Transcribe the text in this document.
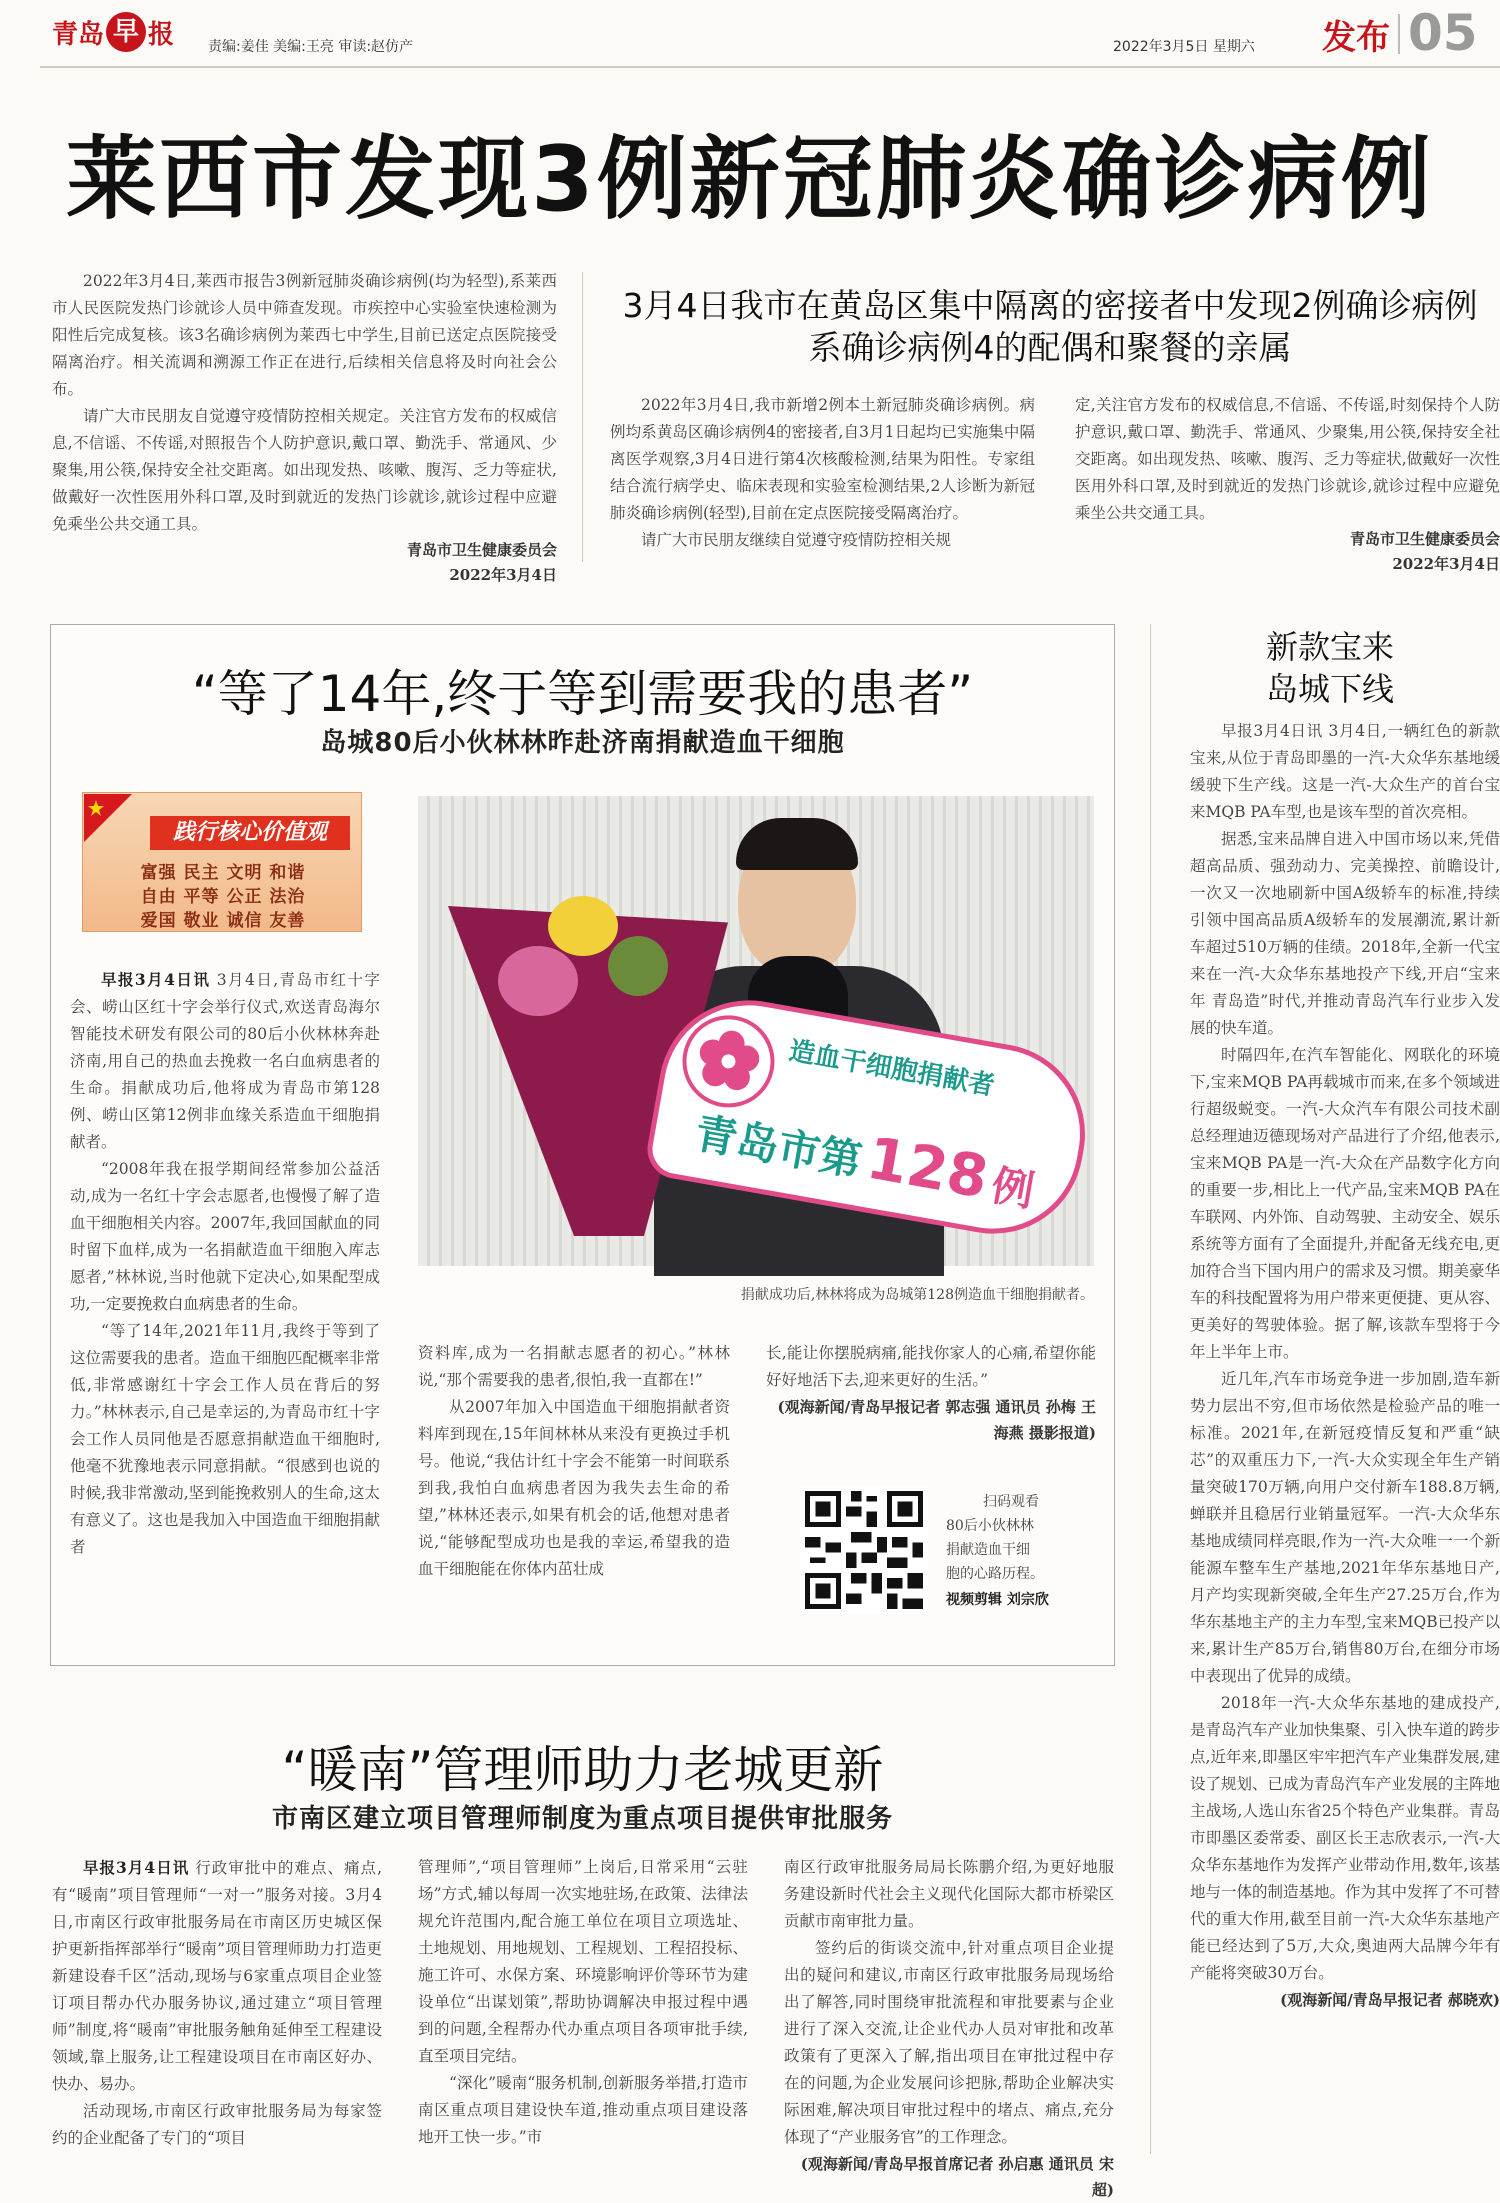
青岛 早 报 责编:姜佳 美编:王亮 审读:赵仿产	2022年3月5日 星期六 发布 05
莱西市发现3例新冠肺炎确诊病例

2022年3月4日,莱西市报告3例新冠肺炎确诊病例(均为轻型),系莱西市人民医院发热门诊就诊人员中筛查发现。市疾控中心实验室快速检测为阳性后完成复核。该3名确诊病例为莱西七中学生,目前已送定点医院接受隔离治疗。相关流调和溯源工作正在进行,后续相关信息将及时向社会公布。

请广大市民朋友自觉遵守疫情防控相关规定。关注官方发布的权威信息,不信谣、不传谣,对照报告个人防护意识,戴口罩、勤洗手、常通风、少聚集,用公筷,保持安全社交距离。如出现发热、咳嗽、腹泻、乏力等症状,做戴好一次性医用外科口罩,及时到就近的发热门诊就诊,就诊过程中应避免乘坐公共交通工具。

青岛市卫生健康委员会
2022年3月4日
3月4日我市在黄岛区集中隔离的密接者中发现2例确诊病例
系确诊病例4的配偶和聚餐的亲属

2022年3月4日,我市新增2例本土新冠肺炎确诊病例。病例均系黄岛区确诊病例4的密接者,自3月1日起均已实施集中隔离医学观察,3月4日进行第4次核酸检测,结果为阳性。专家组结合流行病学史、临床表现和实验室检测结果,2人诊断为新冠肺炎确诊病例(轻型),目前在定点医院接受隔离治疗。

请广大市民朋友继续自觉遵守疫情防控相关规

定,关注官方发布的权威信息,不信谣、不传谣,时刻保持个人防护意识,戴口罩、勤洗手、常通风、少聚集,用公筷,保持安全社交距离。如出现发热、咳嗽、腹泻、乏力等症状,做戴好一次性医用外科口罩,及时到就近的发热门诊就诊,就诊过程中应避免乘坐公共交通工具。

青岛市卫生健康委员会
2022年3月4日
“等了14年,终于等到需要我的患者”
岛城80后小伙林林昨赴济南捐献造血干细胞
践行核心价值观
富强 民主 文明 和谐
自由 平等 公正 法治
爱国 敬业 诚信 友善

早报3月4日讯 3月4日,青岛市红十字会、崂山区红十字会举行仪式,欢送青岛海尔智能技术研发有限公司的80后小伙林林奔赴济南,用自己的热血去挽救一名白血病患者的生命。捐献成功后,他将成为青岛市第128例、崂山区第12例非血缘关系造血干细胞捐献者。

“2008年我在报学期间经常参加公益活动,成为一名红十字会志愿者,也慢慢了解了造血干细胞相关内容。2007年,我回国献血的同时留下血样,成为一名捐献造血干细胞入库志愿者,”林林说,当时他就下定决心,如果配型成功,一定要挽救白血病患者的生命。

“等了14年,2021年11月,我终于等到了这位需要我的患者。造血干细胞匹配概率非常低,非常感谢红十字会工作人员在背后的努力。”林林表示,自己是幸运的,为青岛市红十字会工作人员同他是否愿意捐献造血干细胞时,他毫不犹豫地表示同意捐献。“很感到也说的时候,我非常激动,坚到能挽救别人的生命,这太有意义了。这也是我加入中国造血干细胞捐献者

造血干细胞捐献者
青岛市第128例
捐献成功后,林林将成为岛城第128例造血干细胞捐献者。

资料库,成为一名捐献志愿者的初心。”林林说,“那个需要我的患者,很怕,我一直都在!”

从2007年加入中国造血干细胞捐献者资料库到现在,15年间林林从来没有更换过手机号。他说,“我估计红十字会不能第一时间联系到我,我怕白血病患者因为我失去生命的希望,”林林还表示,如果有机会的话,他想对患者说,“能够配型成功也是我的幸运,希望我的造血干细胞能在你体内茁壮成

长,能让你摆脱病痛,能找你家人的心痛,希望你能好好地活下去,迎来更好的生活。”

(观海新闻/青岛早报记者 郭志强 通讯员 孙梅 王海燕 摄影报道)
扫码观看
80后小伙林林
捐献造血干细
胞的心路历程。
视频剪辑 刘宗欣
新款宝来
岛城下线

早报3月4日讯 3月4日,一辆红色的新款宝来,从位于青岛即墨的一汽-大众华东基地缓缓驶下生产线。这是一汽-大众生产的首台宝来MQB PA车型,也是该车型的首次亮相。

据悉,宝来品牌自进入中国市场以来,凭借超高品质、强劲动力、完美操控、前瞻设计,一次又一次地刷新中国A级轿车的标准,持续引领中国高品质A级轿车的发展潮流,累计新车超过510万辆的佳绩。2018年,全新一代宝来在一汽-大众华东基地投产下线,开启“宝来年 青岛造”时代,并推动青岛汽车行业步入发展的快车道。

时隔四年,在汽车智能化、网联化的环境下,宝来MQB PA再载城市而来,在多个领域进行超级蜕变。一汽-大众汽车有限公司技术副总经理迪迈德现场对产品进行了介绍,他表示,宝来MQB PA是一汽-大众在产品数字化方向的重要一步,相比上一代产品,宝来MQB PA在车联网、内外饰、自动驾驶、主动安全、娱乐系统等方面有了全面提升,并配备无线充电,更加符合当下国内用户的需求及习惯。期美豪华车的科技配置将为用户带来更便捷、更从容、更美好的驾驶体验。据了解,该款车型将于今年上半年上市。

近几年,汽车市场竞争进一步加剧,造车新势力层出不穷,但市场依然是检验产品的唯一标准。2021年,在新冠疫情反复和严重“缺芯”的双重压力下,一汽-大众实现全年生产销量突破170万辆,向用户交付新车188.8万辆,蝉联并且稳居行业销量冠军。一汽-大众华东基地成绩同样亮眼,作为一汽-大众唯一一个新能源车整车生产基地,2021年华东基地日产,月产均实现新突破,全年生产27.25万台,作为华东基地主产的主力车型,宝来MQB已投产以来,累计生产85万台,销售80万台,在细分市场中表现出了优异的成绩。

2018年一汽-大众华东基地的建成投产,是青岛汽车产业加快集聚、引入快车道的跨步点,近年来,即墨区牢牢把汽车产业集群发展,建设了规划、已成为青岛汽车产业发展的主阵地主战场,人选山东省25个特色产业集群。青岛市即墨区委常委、副区长王志欣表示,一汽-大众华东基地作为发挥产业带动作用,数年,该基地与一体的制造基地。作为其中发挥了不可替代的重大作用,截至目前一汽-大众华东基地产能已经达到了5万,大众,奥迪两大品牌今年有产能将突破30万台。

(观海新闻/青岛早报记者 郝晓欢)
“暖南”管理师助力老城更新
市南区建立项目管理师制度为重点项目提供审批服务

早报3月4日讯 行政审批中的难点、痛点,有“暖南”项目管理师“一对一”服务对接。3月4日,市南区行政审批服务局在市南区历史城区保护更新指挥部举行“暖南”项目管理师助力打造更新建设春千区”活动,现场与6家重点项目企业签订项目帮办代办服务协议,通过建立“项目管理师”制度,将“暖南”审批服务触角延伸至工程建设领域,靠上服务,让工程建设项目在市南区好办、快办、易办。

活动现场,市南区行政审批服务局为每家签约的企业配备了专门的“项目

管理师”,“项目管理师”上岗后,日常采用“云驻场”方式,辅以每周一次实地驻场,在政策、法律法规允许范围内,配合施工单位在项目立项选址、土地规划、用地规划、工程规划、工程招投标、施工许可、水保方案、环境影响评价等环节为建设单位“出谋划策”,帮助协调解决申报过程中遇到的问题,全程帮办代办重点项目各项审批手续,直至项目完结。

“深化”暖南“服务机制,创新服务举措,打造市南区重点项目建设快车道,推动重点项目建设落地开工快一步。”市

南区行政审批服务局局长陈鹏介绍,为更好地服务建设新时代社会主义现代化国际大都市桥梁区贡献市南审批力量。

签约后的街谈交流中,针对重点项目企业提出的疑问和建议,市南区行政审批服务局现场给出了解答,同时围绕审批流程和审批要素与企业进行了深入交流,让企业代办人员对审批和改革政策有了更深入了解,指出项目在审批过程中存在的问题,为企业发展问诊把脉,帮助企业解决实际困难,解决项目审批过程中的堵点、痛点,充分体现了“产业服务官”的工作理念。

(观海新闻/青岛早报首席记者 孙启惠 通讯员 宋超)
